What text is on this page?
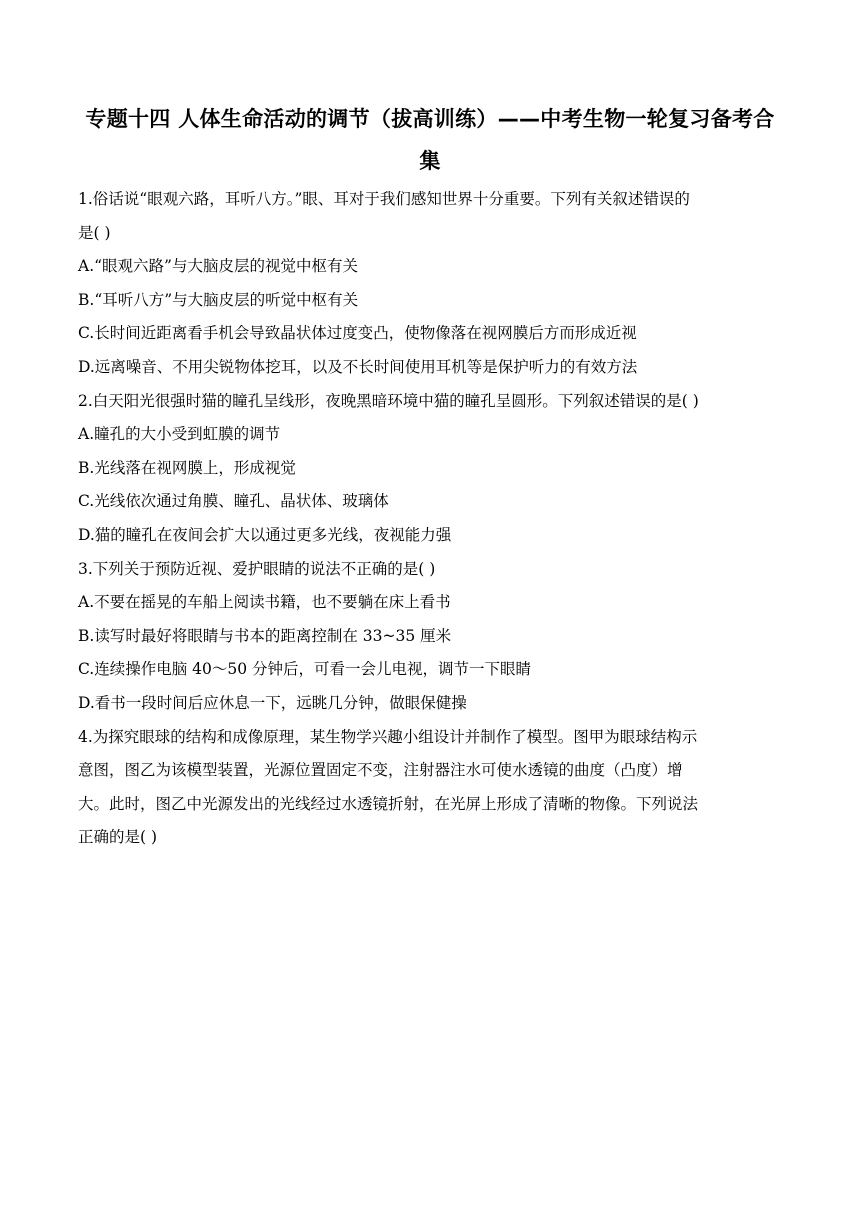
专题十四 人体生命活动的调节（拔高训练）——中考生物一轮复习备考合
集
1.俗话说“眼观六路，耳听八方。”眼、耳对于我们感知世界十分重要。下列有关叙述错误的
是( )
A.“眼观六路”与大脑皮层的视觉中枢有关
B.“耳听八方”与大脑皮层的听觉中枢有关
C.长时间近距离看手机会导致晶状体过度变凸，使物像落在视网膜后方而形成近视
D.远离噪音、不用尖锐物体挖耳，以及不长时间使用耳机等是保护听力的有效方法
2.白天阳光很强时猫的瞳孔呈线形，夜晚黑暗环境中猫的瞳孔呈圆形。下列叙述错误的是( )
A.瞳孔的大小受到虹膜的调节
B.光线落在视网膜上，形成视觉
C.光线依次通过角膜、瞳孔、晶状体、玻璃体
D.猫的瞳孔在夜间会扩大以通过更多光线，夜视能力强
3.下列关于预防近视、爱护眼睛的说法不正确的是( )
A.不要在摇晃的车船上阅读书籍，也不要躺在床上看书
B.读写时最好将眼睛与书本的距离控制在 33~35 厘米
C.连续操作电脑 40～50 分钟后，可看一会儿电视，调节一下眼睛
D.看书一段时间后应休息一下，远眺几分钟，做眼保健操
4.为探究眼球的结构和成像原理，某生物学兴趣小组设计并制作了模型。图甲为眼球结构示
意图，图乙为该模型装置，光源位置固定不变，注射器注水可使水透镜的曲度（凸度）增
大。此时，图乙中光源发出的光线经过水透镜折射，在光屏上形成了清晰的物像。下列说法
正确的是( )
